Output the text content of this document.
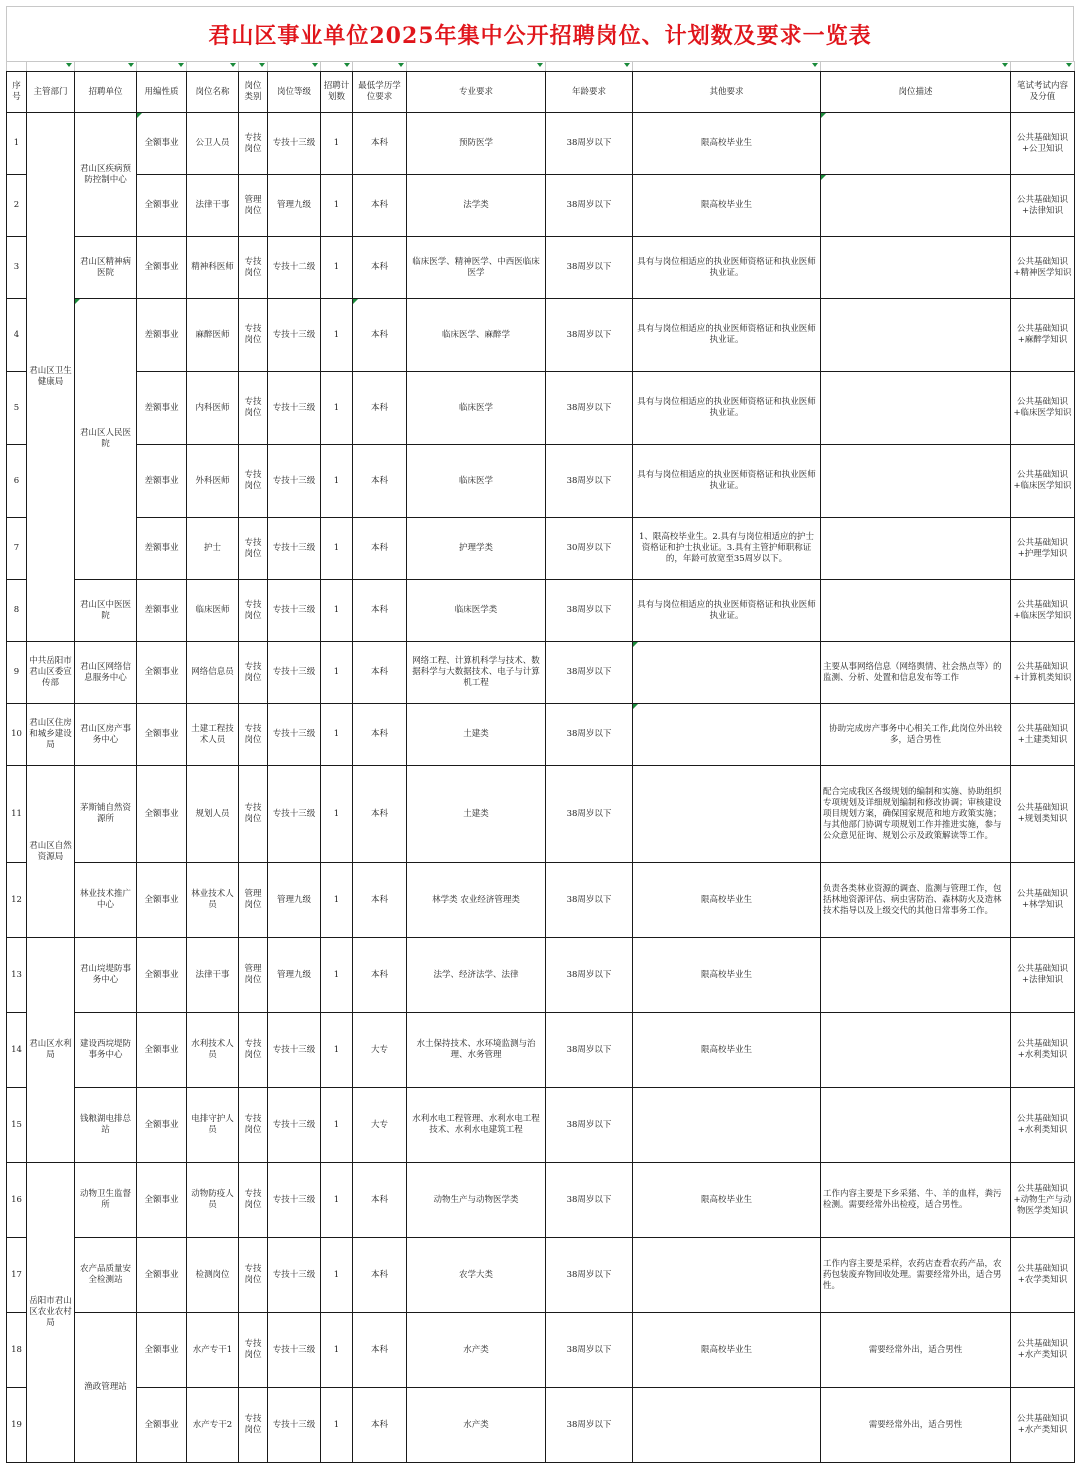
君山区事业单位2025年集中公开招聘岗位、计划数及要求一览表

序号	主管部门	招聘单位	用编性质	岗位名称	岗位类别	岗位等级	招聘计划数	最低学历学位要求	专业要求	年龄要求	其他要求	岗位描述	笔试考试内容及分值
1	君山区卫生健康局	君山区疾病预防控制中心	全额事业	公卫人员	专技岗位	专技十三级	1	本科	预防医学	38周岁以下	限高校毕业生		公共基础知识+公卫知识
2			全额事业	法律干事	管理岗位	管理九级	1	本科	法学类	38周岁以下	限高校毕业生		公共基础知识+法律知识
3		君山区精神病医院	全额事业	精神科医师	专技岗位	专技十二级	1	本科	临床医学、精神医学、中西医临床医学	38周岁以下	具有与岗位相适应的执业医师资格证和执业医师执业证。		公共基础知识+精神医学知识
4		君山区人民医院	差额事业	麻醉医师	专技岗位	专技十三级	1	本科	临床医学、麻醉学	38周岁以下	具有与岗位相适应的执业医师资格证和执业医师执业证。		公共基础知识+麻醉学知识
5			差额事业	内科医师	专技岗位	专技十三级	1	本科	临床医学	38周岁以下	具有与岗位相适应的执业医师资格证和执业医师执业证。		公共基础知识+临床医学知识
6			差额事业	外科医师	专技岗位	专技十三级	1	本科	临床医学	38周岁以下	具有与岗位相适应的执业医师资格证和执业医师执业证。		公共基础知识+临床医学知识
7			差额事业	护士	专技岗位	专技十三级	1	本科	护理学类	30周岁以下	1、限高校毕业生。2.具有与岗位相适应的护士资格证和护士执业证。3.具有主管护师职称证的，年龄可放宽至35周岁以下。		公共基础知识+护理学知识
8		君山区中医医院	差额事业	临床医师	专技岗位	专技十三级	1	本科	临床医学类	38周岁以下	具有与岗位相适应的执业医师资格证和执业医师执业证。		公共基础知识+临床医学知识
9	中共岳阳市君山区委宣传部	君山区网络信息服务中心	全额事业	网络信息员	专技岗位	专技十三级	1	本科	网络工程、计算机科学与技术、数据科学与大数据技术、电子与计算机工程	38周岁以下		主要从事网络信息（网络舆情、社会热点等）的监测、分析、处置和信息发布等工作	公共基础知识+计算机类知识
10	君山区住房和城乡建设局	君山区房产事务中心	全额事业	土建工程技术人员	专技岗位	专技十三级	1	本科	土建类	38周岁以下		协助完成房产事务中心相关工作,此岗位外出较多，适合男性	公共基础知识+土建类知识
11	君山区自然资源局	茅斯铺自然资源所	全额事业	规划人员	专技岗位	专技十三级	1	本科	土建类	38周岁以下		配合完成我区各级规划的编制和实施、协助组织专项规划及详细规划编制和修改协调；审核建设项目规划方案，确保国家规范和地方政策实施；与其他部门协调专项规划工作并推进实施，参与公众意见征询、规划公示及政策解读等工作。	公共基础知识+规划类知识
12		林业技术推广中心	全额事业	林业技术人员	管理岗位	管理九级	1	本科	林学类 农业经济管理类	38周岁以下	限高校毕业生	负责各类林业资源的调查、监测与管理工作，包括林地资源评估、病虫害防治、森林防火及造林技术指导以及上级交代的其他日常事务工作。	公共基础知识+林学知识
13	君山区水利局	君山垸堤防事务中心	全额事业	法律干事	管理岗位	管理九级	1	本科	法学、经济法学、法律	38周岁以下	限高校毕业生		公共基础知识+法律知识
14		建设西垸堤防事务中心	全额事业	水利技术人员	专技岗位	专技十三级	1	大专	水土保持技术、水环境监测与治理、水务管理	38周岁以下	限高校毕业生		公共基础知识+水利类知识
15		钱粮湖电排总站	全额事业	电排守护人员	专技岗位	专技十三级	1	大专	水利水电工程管理、水利水电工程技术、水利水电建筑工程	38周岁以下			公共基础知识+水利类知识
16	岳阳市君山区农业农村局	动物卫生监督所	全额事业	动物防疫人员	专技岗位	专技十三级	1	本科	动物生产与动物医学类	38周岁以下	限高校毕业生	工作内容主要是下乡采猪、牛、羊的血样，粪污检测。需要经常外出检疫，适合男性。	公共基础知识+动物生产与动物医学类知识
17		农产品质量安全检测站	全额事业	检测岗位	专技岗位	专技十三级	1	本科	农学大类	38周岁以下		工作内容主要是采样，农药店查看农药产品，农药包装废弃物回收处理。需要经常外出，适合男性。	公共基础知识+农学类知识
18		渔政管理站	全额事业	水产专干1	专技岗位	专技十三级	1	本科	水产类	38周岁以下	限高校毕业生	需要经常外出，适合男性	公共基础知识+水产类知识
19			全额事业	水产专干2	专技岗位	专技十三级	1	本科	水产类	38周岁以下		需要经常外出，适合男性	公共基础知识+水产类知识
